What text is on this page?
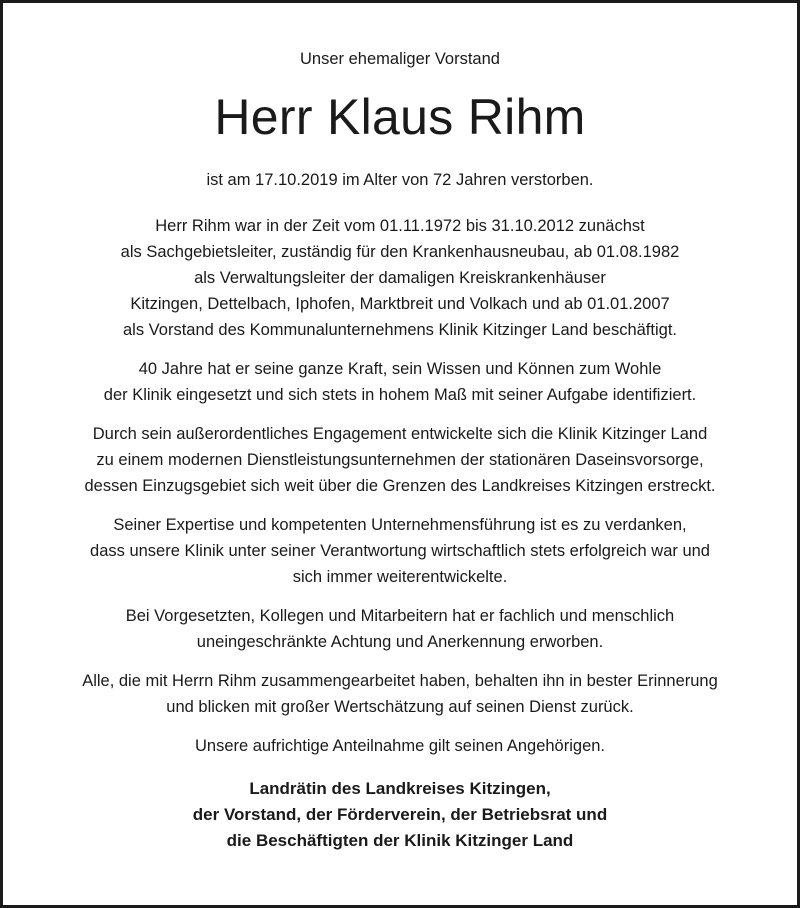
Unser ehemaliger Vorstand

Herr Klaus Rihm

ist am 17.10.2019 im Alter von 72 Jahren verstorben.

Herr Rihm war in der Zeit vom 01.11.1972 bis 31.10.2012 zunächst
als Sachgebietsleiter, zuständig für den Krankenhausneubau, ab 01.08.1982
als Verwaltungsleiter der damaligen Kreiskrankenhäuser
Kitzingen, Dettelbach, Iphofen, Marktbreit und Volkach und ab 01.01.2007
als Vorstand des Kommunalunternehmens Klinik Kitzinger Land beschäftigt.

40 Jahre hat er seine ganze Kraft, sein Wissen und Können zum Wohle
der Klinik eingesetzt und sich stets in hohem Maß mit seiner Aufgabe identifiziert.

Durch sein außerordentliches Engagement entwickelte sich die Klinik Kitzinger Land
zu einem modernen Dienstleistungsunternehmen der stationären Daseinsvorsorge,
dessen Einzugsgebiet sich weit über die Grenzen des Landkreises Kitzingen erstreckt.

Seiner Expertise und kompetenten Unternehmensführung ist es zu verdanken,
dass unsere Klinik unter seiner Verantwortung wirtschaftlich stets erfolgreich war und
sich immer weiterentwickelte.

Bei Vorgesetzten, Kollegen und Mitarbeitern hat er fachlich und menschlich
uneingeschränkte Achtung und Anerkennung erworben.

Alle, die mit Herrn Rihm zusammengearbeitet haben, behalten ihn in bester Erinnerung
und blicken mit großer Wertschätzung auf seinen Dienst zurück.

Unsere aufrichtige Anteilnahme gilt seinen Angehörigen.

Landrätin des Landkreises Kitzingen,
der Vorstand, der Förderverein, der Betriebsrat und
die Beschäftigten der Klinik Kitzinger Land
